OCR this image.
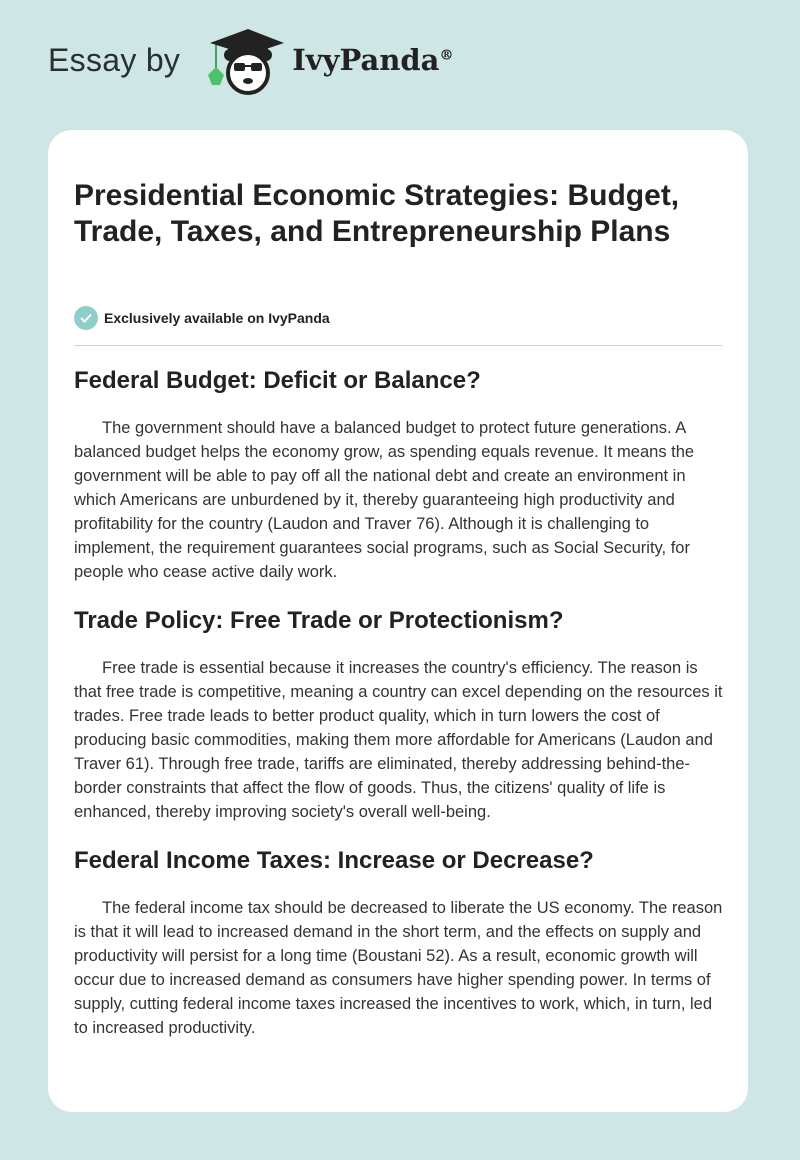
Essay by	IvyPanda®
Presidential Economic Strategies: Budget, Trade, Taxes, and Entrepreneurship Plans
Exclusively available on IvyPanda
Federal Budget: Deficit or Balance?

The government should have a balanced budget to protect future generations. A balanced budget helps the economy grow, as spending equals revenue. It means the government will be able to pay off all the national debt and create an environment in which Americans are unburdened by it, thereby guaranteeing high productivity and profitability for the country (Laudon and Traver 76). Although it is challenging to implement, the requirement guarantees social programs, such as Social Security, for people who cease active daily work.

Trade Policy: Free Trade or Protectionism?

Free trade is essential because it increases the country's efficiency. The reason is that free trade is competitive, meaning a country can excel depending on the resources it trades. Free trade leads to better product quality, which in turn lowers the cost of producing basic commodities, making them more affordable for Americans (Laudon and Traver 61). Through free trade, tariffs are eliminated, thereby addressing behind-the-border constraints that affect the flow of goods. Thus, the citizens' quality of life is enhanced, thereby improving society's overall well-being.

Federal Income Taxes: Increase or Decrease?

The federal income tax should be decreased to liberate the US economy. The reason is that it will lead to increased demand in the short term, and the effects on supply and productivity will persist for a long time (Boustani 52). As a result, economic growth will occur due to increased demand as consumers have higher spending power. In terms of supply, cutting federal income taxes increased the incentives to work, which, in turn, led to increased productivity.
